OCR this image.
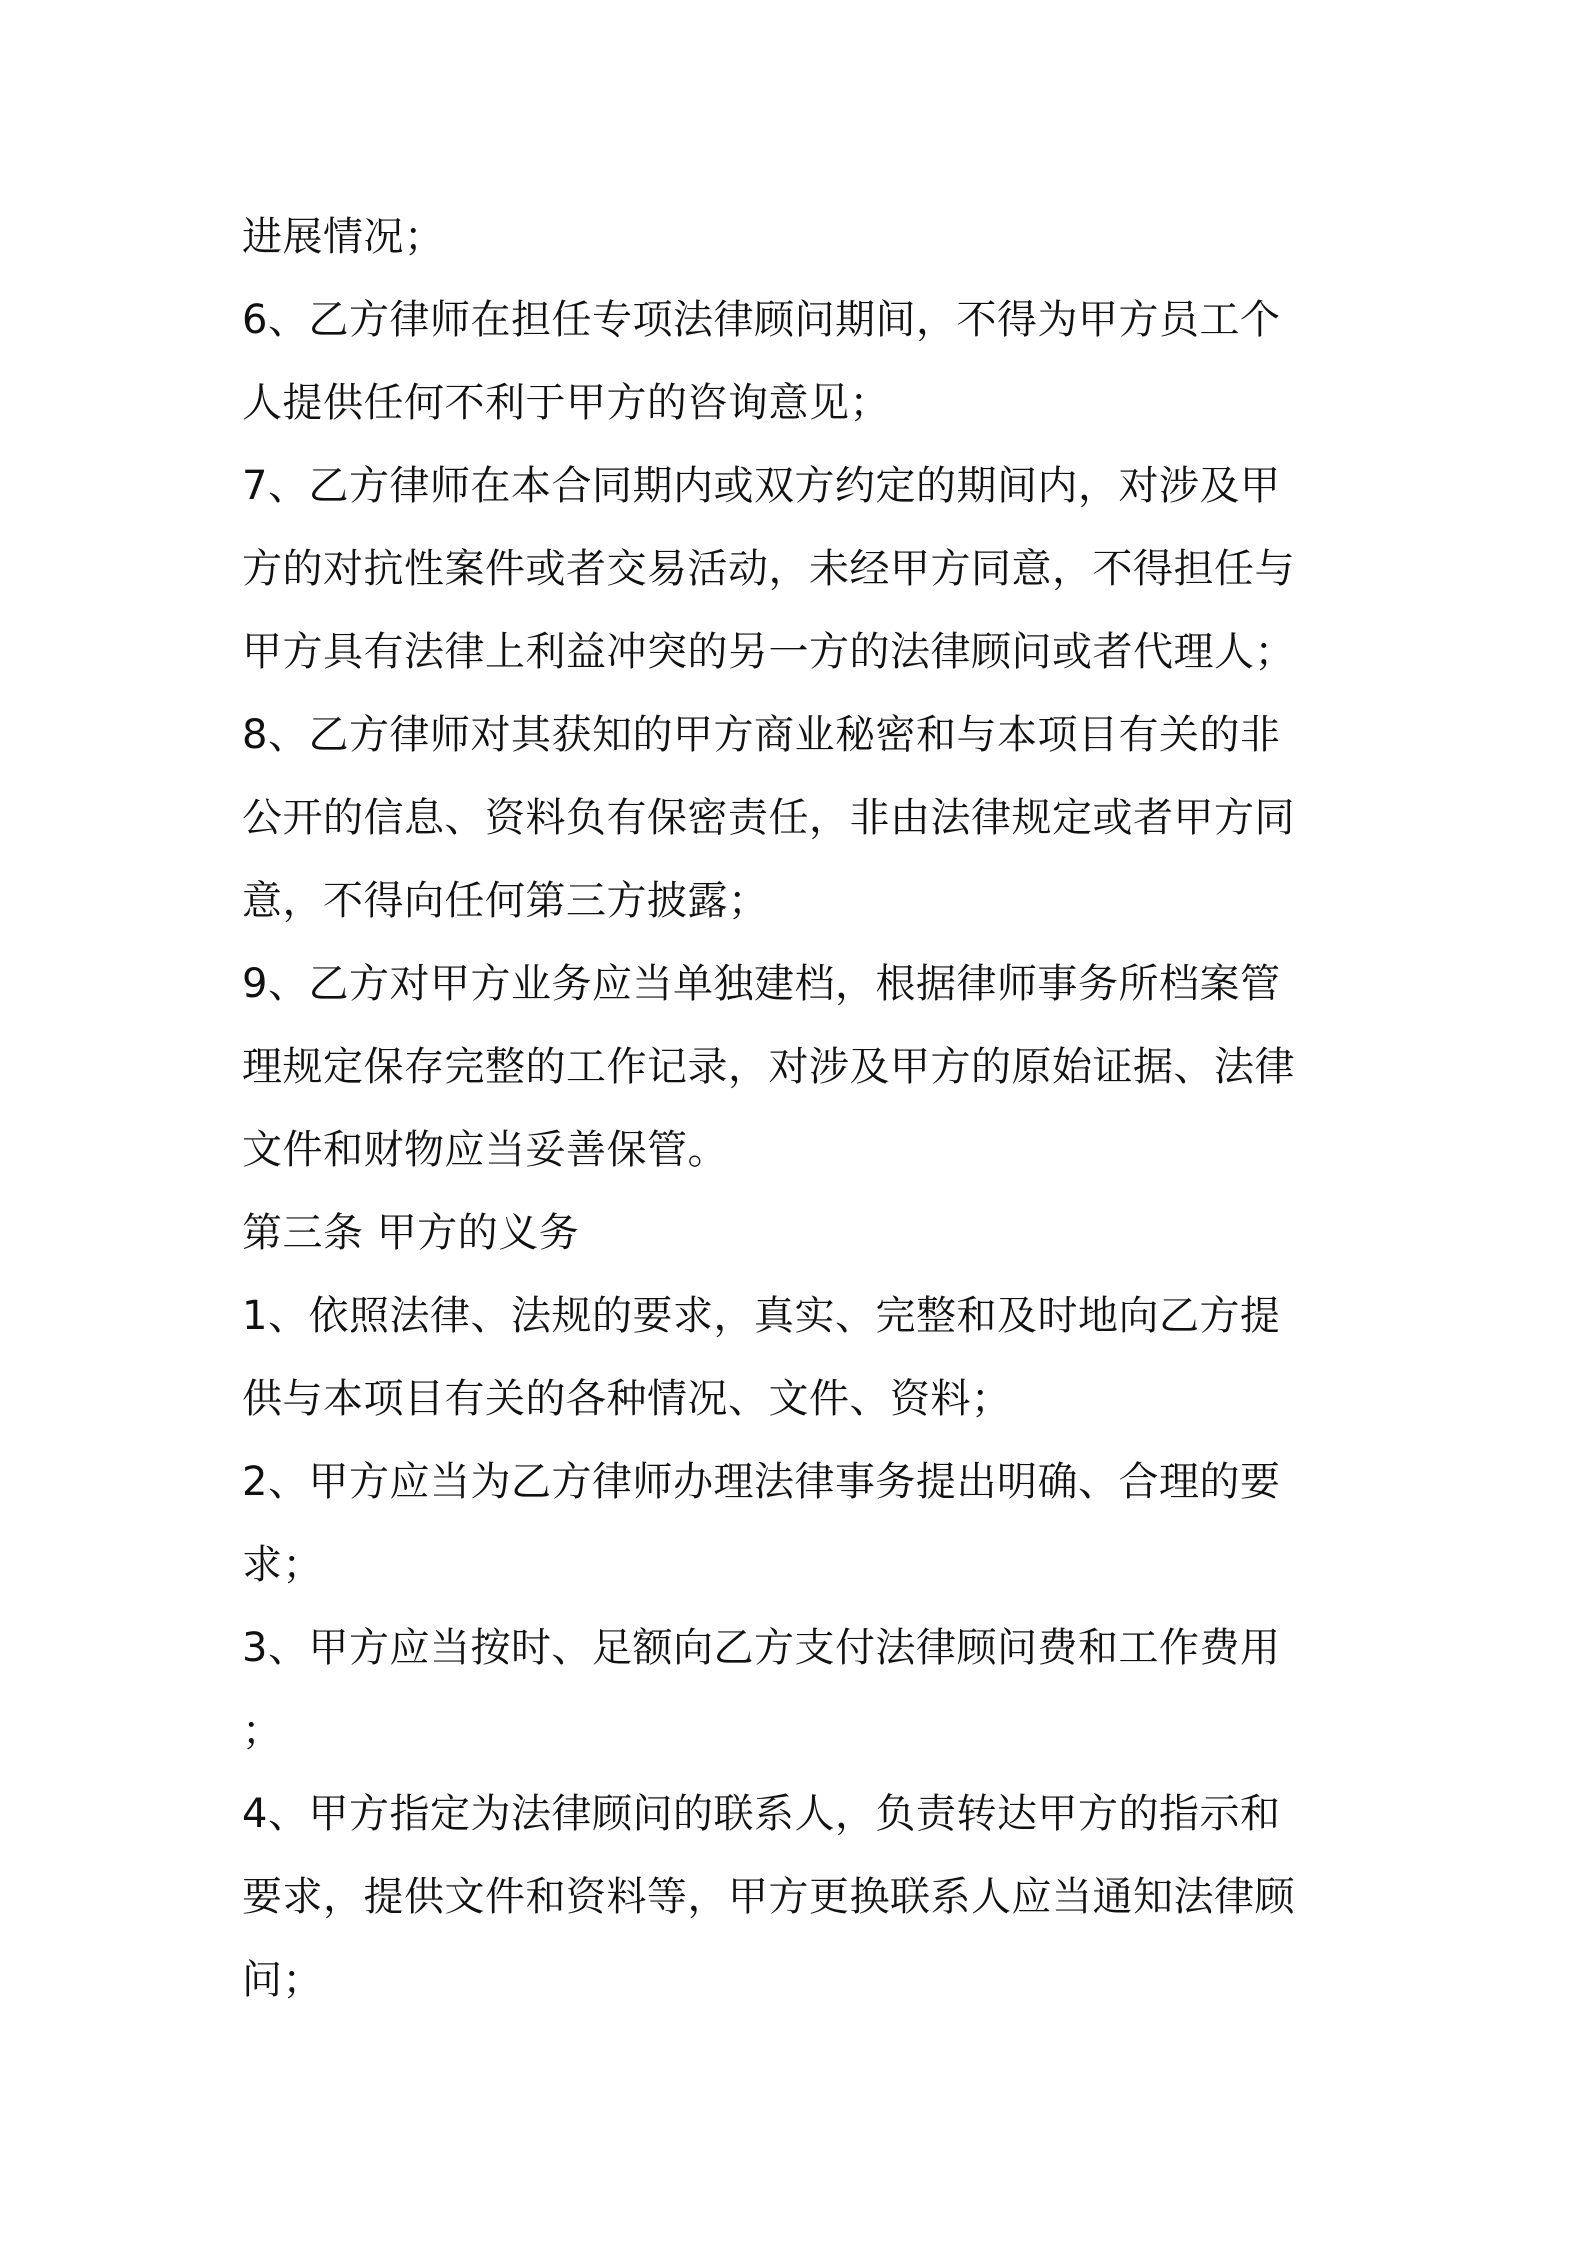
进展情况；
6、乙方律师在担任专项法律顾问期间，不得为甲方员工个
人提供任何不利于甲方的咨询意见；
7、乙方律师在本合同期内或双方约定的期间内，对涉及甲
方的对抗性案件或者交易活动，未经甲方同意，不得担任与
甲方具有法律上利益冲突的另一方的法律顾问或者代理人；
8、乙方律师对其获知的甲方商业秘密和与本项目有关的非
公开的信息、资料负有保密责任，非由法律规定或者甲方同
意，不得向任何第三方披露；
9、乙方对甲方业务应当单独建档，根据律师事务所档案管
理规定保存完整的工作记录，对涉及甲方的原始证据、法律
文件和财物应当妥善保管。
第三条 甲方的义务
1、依照法律、法规的要求，真实、完整和及时地向乙方提
供与本项目有关的各种情况、文件、资料；
2、甲方应当为乙方律师办理法律事务提出明确、合理的要
求；
3、甲方应当按时、足额向乙方支付法律顾问费和工作费用
；
4、甲方指定为法律顾问的联系人，负责转达甲方的指示和
要求，提供文件和资料等，甲方更换联系人应当通知法律顾
问；
